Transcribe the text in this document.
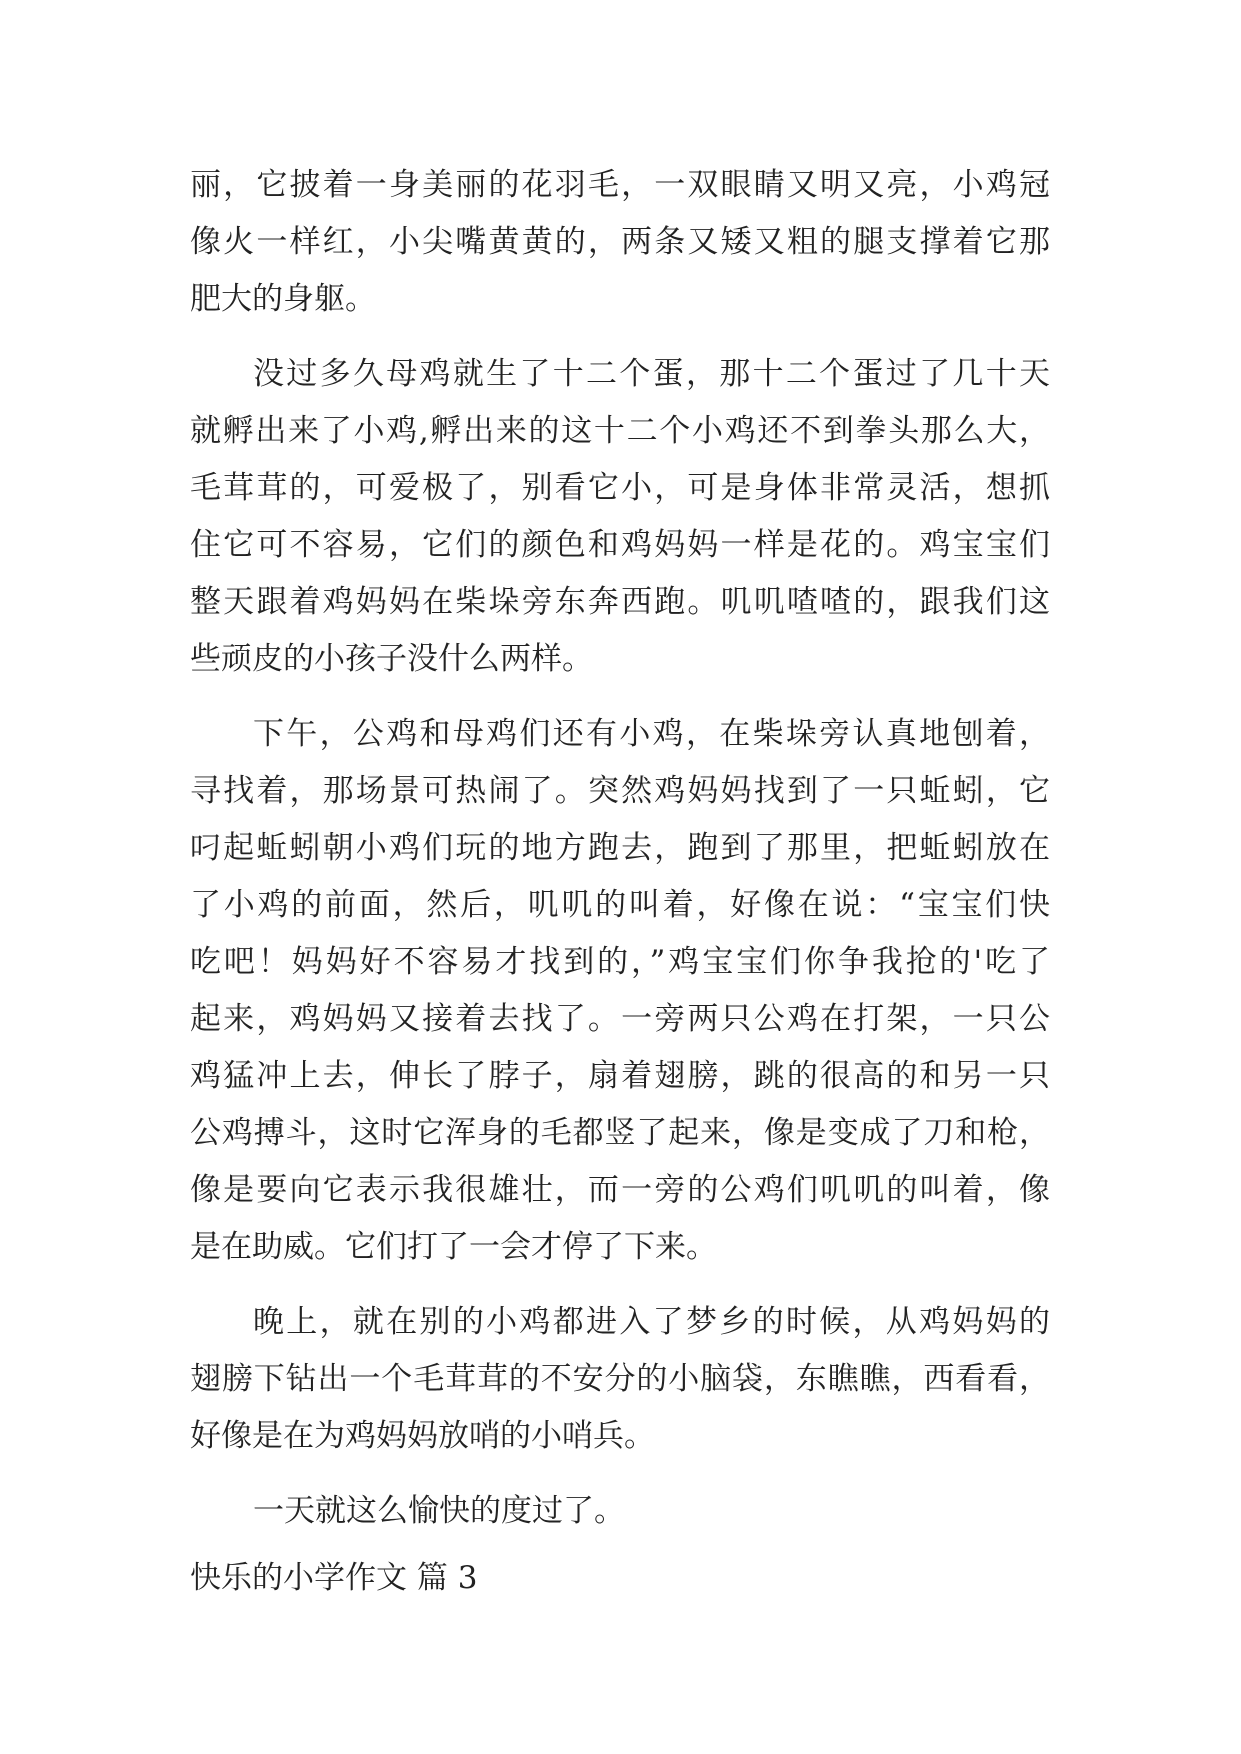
丽，它披着一身美丽的花羽毛，一双眼睛又明又亮，小鸡冠
像火一样红，小尖嘴黄黄的，两条又矮又粗的腿支撑着它那
肥大的身躯。
没过多久母鸡就生了十二个蛋，那十二个蛋过了几十天
就孵出来了小鸡,孵出来的这十二个小鸡还不到拳头那么大，
毛茸茸的，可爱极了，别看它小，可是身体非常灵活，想抓
住它可不容易，它们的颜色和鸡妈妈一样是花的。鸡宝宝们
整天跟着鸡妈妈在柴垛旁东奔西跑。叽叽喳喳的，跟我们这
些顽皮的小孩子没什么两样。
下午，公鸡和母鸡们还有小鸡，在柴垛旁认真地刨着，
寻找着，那场景可热闹了。突然鸡妈妈找到了一只蚯蚓，它
叼起蚯蚓朝小鸡们玩的地方跑去，跑到了那里，把蚯蚓放在
了小鸡的前面，然后，叽叽的叫着，好像在说：“宝宝们快
吃吧！妈妈好不容易才找到的，”鸡宝宝们你争我抢的'吃了
起来，鸡妈妈又接着去找了。一旁两只公鸡在打架，一只公
鸡猛冲上去，伸长了脖子，扇着翅膀，跳的很高的和另一只
公鸡搏斗，这时它浑身的毛都竖了起来，像是变成了刀和枪，
像是要向它表示我很雄壮，而一旁的公鸡们叽叽的叫着，像
是在助威。它们打了一会才停了下来。
晚上，就在别的小鸡都进入了梦乡的时候，从鸡妈妈的
翅膀下钻出一个毛茸茸的不安分的小脑袋，东瞧瞧，西看看，
好像是在为鸡妈妈放哨的小哨兵。
一天就这么愉快的度过了。
快乐的小学作文 篇 3
